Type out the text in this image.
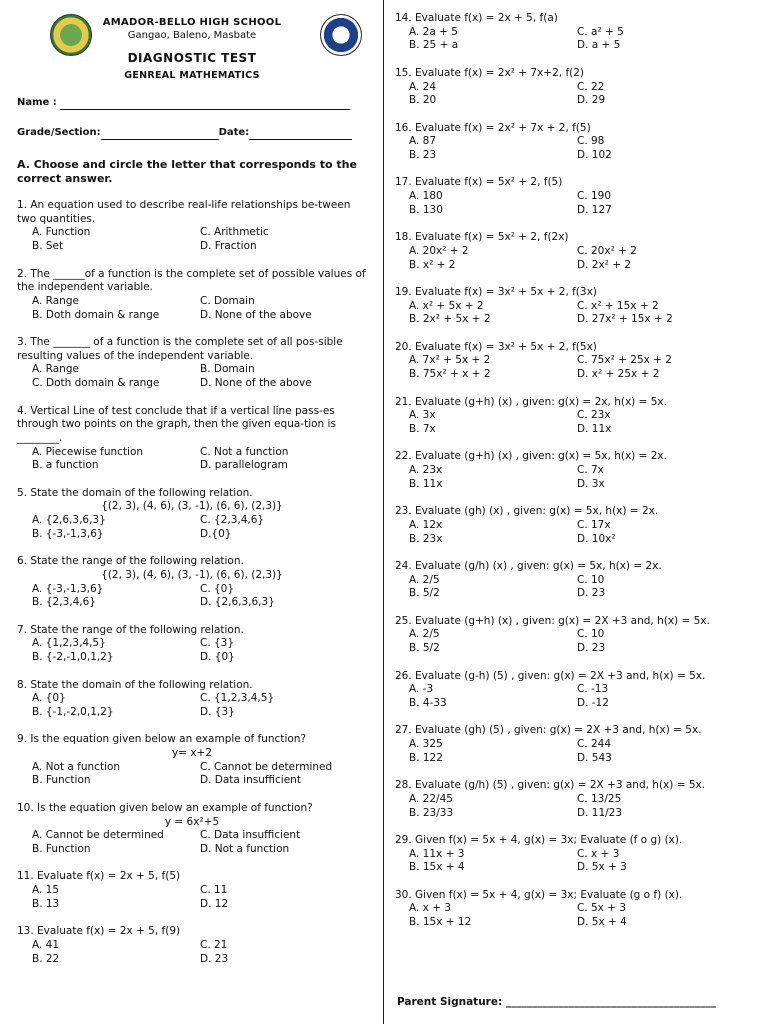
AMADOR-BELLO HIGH SCHOOL
Gangao, Baleno, Masbate
DIAGNOSTIC TEST
GENREAL MATHEMATICS
Name :
Grade/Section:	Date:
A. Choose and circle the letter that corresponds to the correct answer.
1. An equation used to describe real-life relationships be-tween two quantities.
A. Function	C. Arithmetic
B. Set	D. Fraction
2. The ______of a function is the complete set of possible values of the independent variable.
A. Range	C. Domain
B. Doth domain & range	D. None of the above
3. The _______ of a function is the complete set of all pos-sible resulting values of the independent variable.
A. Range	B. Domain
C. Doth domain & range	D. None of the above
4. Vertical Line of test conclude that if a vertical line pass-es through two points on the graph, then the given equa-tion is ________.
A. Piecewise function	C. Not a function
B. a function	D. parallelogram
5. State the domain of the following relation.
{(2, 3), (4, 6), (3, -1), (6, 6), (2,3)}
A. {2,6,3,6,3}	C. {2,3,4,6}
B. {-3,-1,3,6}	D.{0}
6. State the range of the following relation.
{(2, 3), (4, 6), (3, -1), (6, 6), (2,3)}
A. {-3,-1,3,6}	C. {0}
B. {2,3,4,6}	D. {2,6,3,6,3}
7. State the range of the following relation.
A. {1,2,3,4,5}	C. {3}
B. {-2,-1,0,1,2}	D. {0}
8. State the domain of the following relation.
A. {0}	C. {1,2,3,4,5}
B. {-1,-2,0,1,2}	D. {3}
9. Is the equation given below an example of function?
y= x+2
A. Not a function	C. Cannot be determined
B. Function	D. Data insufficient
10. Is the equation given below an example of function?
y = 6x²+5
A. Cannot be determined	C. Data insufficient
B. Function	D. Not a function
11. Evaluate f(x) = 2x + 5, f(5)
A. 15	C. 11
B. 13	D. 12
13. Evaluate f(x) = 2x + 5, f(9)
A. 41	C. 21
B. 22	D. 23
14. Evaluate f(x) = 2x + 5, f(a)
A. 2a + 5	C. a² + 5
B. 25 + a	D. a + 5
15. Evaluate f(x) = 2x² + 7x+2, f(2)
A. 24	C. 22
B. 20	D. 29
16. Evaluate f(x) = 2x² + 7x + 2, f(5)
A. 87	C. 98
B. 23	D. 102
17. Evaluate f(x) = 5x² + 2, f(5)
A. 180	C. 190
B. 130	D. 127
18. Evaluate f(x) = 5x² + 2, f(2x)
A. 20x² + 2	C. 20x² + 2
B. x² + 2	D. 2x² + 2
19. Evaluate f(x) = 3x² + 5x + 2, f(3x)
A. x² + 5x + 2	C. x² + 15x + 2
B. 2x² + 5x + 2	D. 27x² + 15x + 2
20. Evaluate f(x) = 3x² + 5x + 2, f(5x)
A. 7x² + 5x + 2	C. 75x² + 25x + 2
B. 75x² + x + 2	D. x² + 25x + 2
21. Evaluate (g+h) (x) , given: g(x) = 2x, h(x) = 5x.
A. 3x	C. 23x
B. 7x	D. 11x
22. Evaluate (g+h) (x) , given: g(x) = 5x, h(x) = 2x.
A. 23x	C. 7x
B. 11x	D. 3x
23. Evaluate (gh) (x) , given: g(x) = 5x, h(x) = 2x.
A. 12x	C. 17x
B. 23x	D. 10x²
24. Evaluate (g/h) (x) , given: g(x) = 5x, h(x) = 2x.
A. 2/5	C. 10
B. 5/2	D. 23
25. Evaluate (g+h) (x) , given: g(x) = 2X +3 and, h(x) = 5x.
A. 2/5	C. 10
B. 5/2	D. 23
26. Evaluate (g-h) (5) , given: g(x) = 2X +3 and, h(x) = 5x.
A. -3	C. -13
B. 4-33	D. -12
27. Evaluate (gh) (5) , given: g(x) = 2X +3 and, h(x) = 5x.
A. 325	C. 244
B. 122	D. 543
28. Evaluate (g/h) (5) , given: g(x) = 2X +3 and, h(x) = 5x.
A. 22/45	C. 13/25
B. 23/33	D. 11/23
29. Given f(x) = 5x + 4, g(x) = 3x; Evaluate (f o g) (x).
A. 11x + 3	C. x + 3
B. 15x + 4	D. 5x + 3
30. Given f(x) = 5x + 4, g(x) = 3x; Evaluate (g o f) (x).
A. x + 3	C. 5x + 3
B. 15x + 12	D. 5x + 4
Parent Signature: ________________________________________
